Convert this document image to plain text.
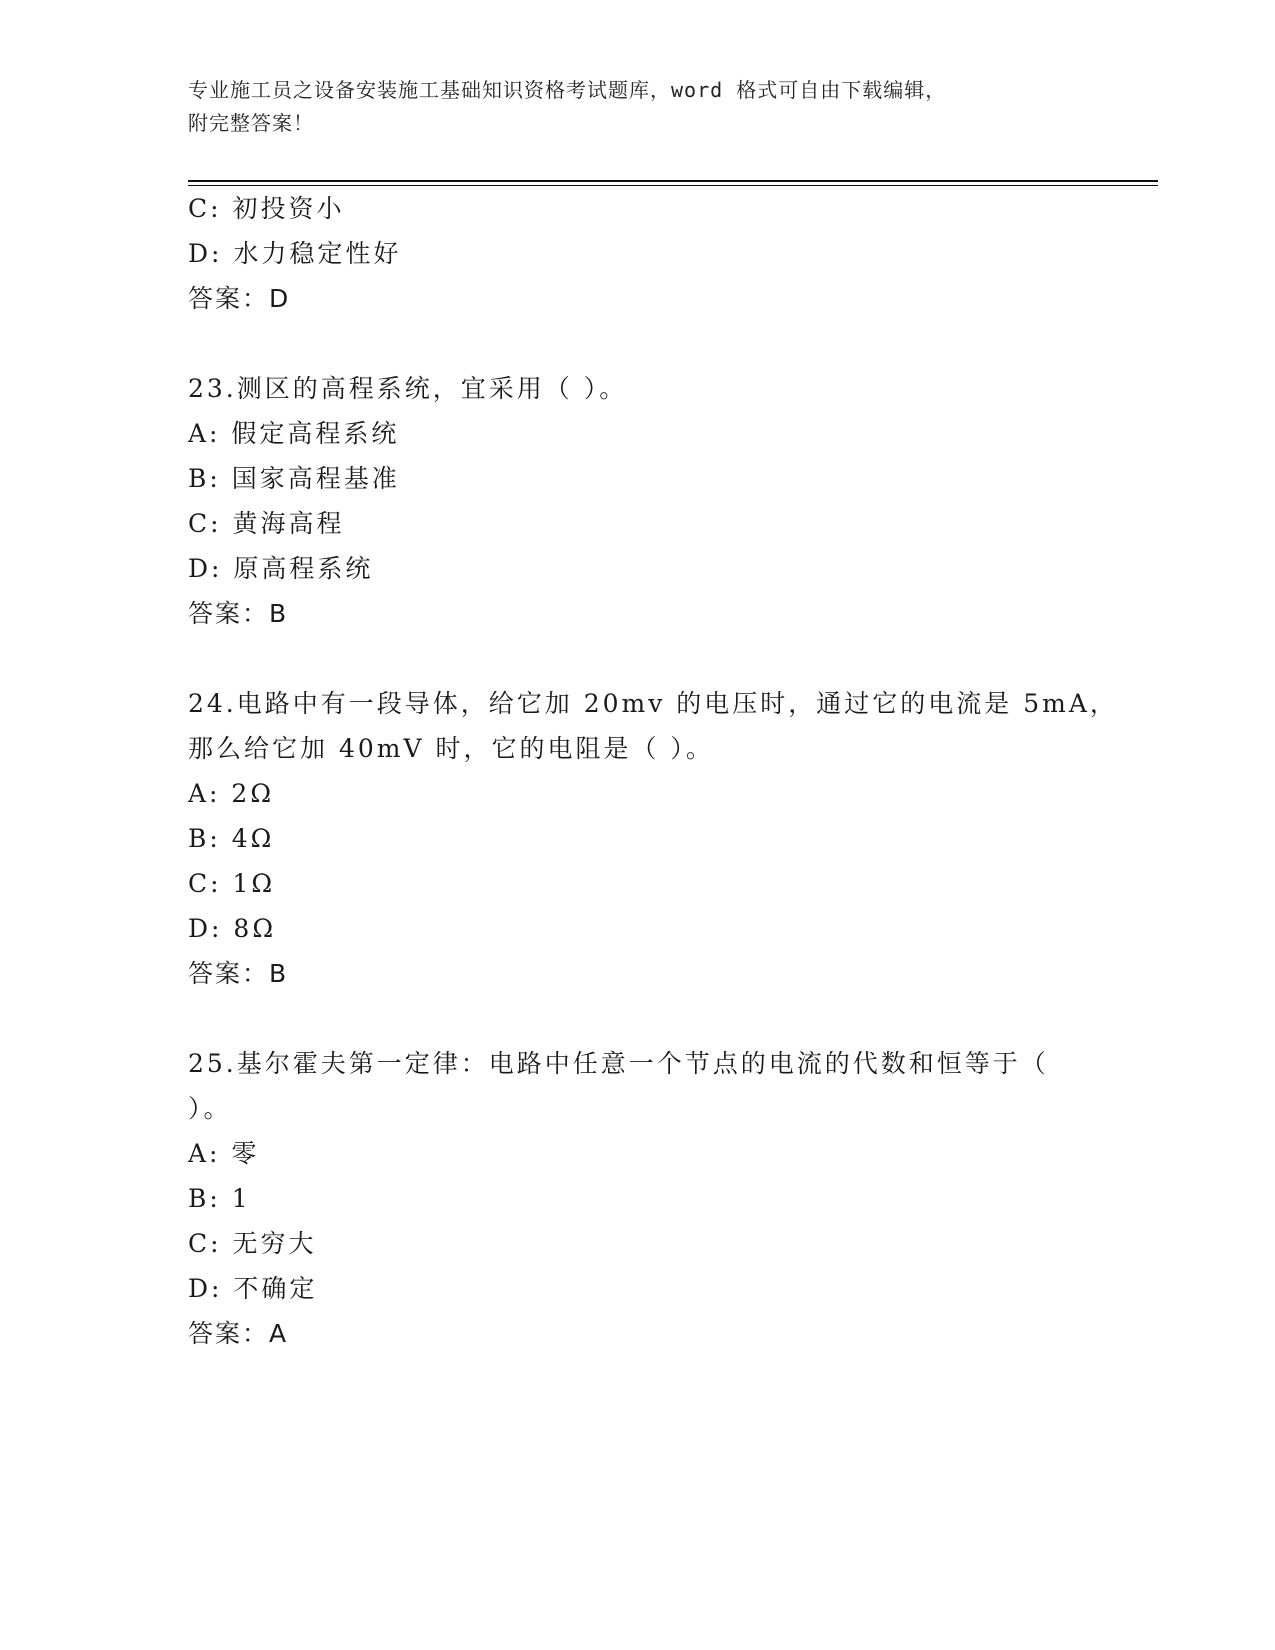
专业施工员之设备安装施工基础知识资格考试题库，word 格式可自由下载编辑，
附完整答案！
C: 初投资小
D: 水力稳定性好
答案：D
23.测区的高程系统，宜采用（ ）。
A: 假定高程系统
B: 国家高程基准
C: 黄海高程
D: 原高程系统
答案：B
24.电路中有一段导体，给它加 20mv 的电压时，通过它的电流是 5mA，
那么给它加 40mV 时，它的电阻是（ ）。
A: 2Ω
B: 4Ω
C: 1Ω
D: 8Ω
答案：B
25.基尔霍夫第一定律：电路中任意一个节点的电流的代数和恒等于（
）。
A: 零
B: 1
C: 无穷大
D: 不确定
答案：A
